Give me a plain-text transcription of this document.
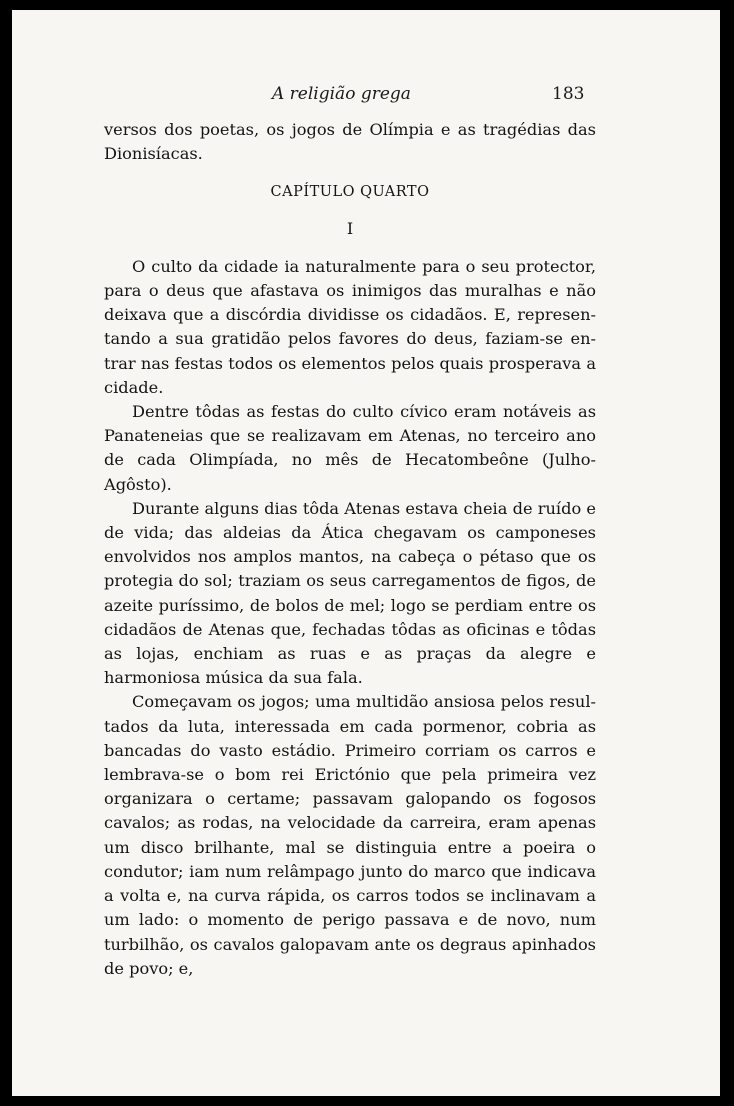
A religião grega	183

versos dos poetas, os jogos de Olímpia e as tragédias das Dionisíacas.

CAPÍTULO QUARTO
I

O culto da cidade ia naturalmente para o seu protector, para o deus que afastava os inimigos das muralhas e não deixava que a discórdia dividisse os cidadãos. E, representando a sua gratidão pelos favores do deus, faziam-se entrar nas festas todos os elementos pelos quais prosperava a cidade.

Dentre tôdas as festas do culto cívico eram notáveis as Panateneias que se realizavam em Atenas, no terceiro ano de cada Olimpíada, no mês de Hecatombeône (Julho-Agôsto).

Durante alguns dias tôda Atenas estava cheia de ruído e de vida; das aldeias da Ática chegavam os camponeses envolvidos nos amplos mantos, na cabeça o pétaso que os protegia do sol; traziam os seus carregamentos de figos, de azeite puríssimo, de bolos de mel; logo se perdiam entre os cidadãos de Atenas que, fechadas tôdas as oficinas e tôdas as lojas, enchiam as ruas e as praças da alegre e harmoniosa música da sua fala.

Começavam os jogos; uma multidão ansiosa pelos resultados da luta, interessada em cada pormenor, cobria as bancadas do vasto estádio. Primeiro corriam os carros e lembrava-se o bom rei Erictónio que pela primeira vez organizara o certame; passavam galopando os fogosos cavalos; as rodas, na velocidade da carreira, eram apenas um disco brilhante, mal se distinguia entre a poeira o condutor; iam num relâmpago junto do marco que indicava a volta e, na curva rápida, os carros todos se inclinavam a um lado: o momento de perigo passava e de novo, num turbilhão, os cavalos galopavam ante os degraus apinhados de povo; e,
